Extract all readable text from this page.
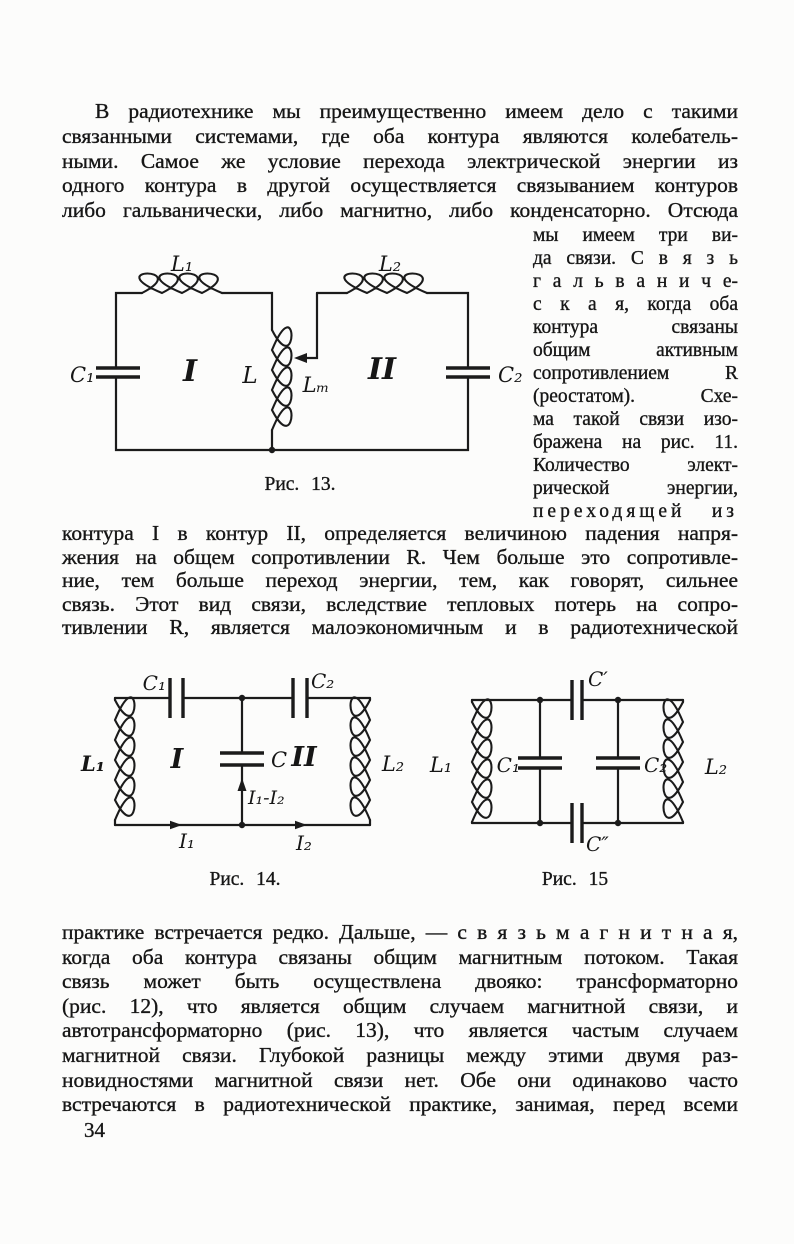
В радиотехнике мы преимущественно имеем дело с такими
связанными системами, где оба контура являются колебатель-
ными. Самое же условие перехода электрической энергии из
одного контура в другой осуществляется связыванием контуров
либо гальванически, либо магнитно, либо конденсаторно. Отсюда
L₁	L₂
C₁	C₂
I	II
L Lₘ
Рис. 13.
мы имеем три ви-
да связи. С в я з ь
г а л ь в а н и ч е-
с к а я, когда оба
контура связаны
общим активным
сопротивлением R
(реостатом). Схе-
ма такой связи изо-
бражена на рис. 11.
Количество элект-
рической энергии,
переходящей из
контура I в контур II, определяется величиною падения напря-
жения на общем сопротивлении R. Чем больше это сопротивле-
ние, тем больше переход энергии, тем, как говорят, сильнее
связь. Этот вид связи, вследствие тепловых потерь на сопро-
тивлении R, является малоэкономичным и в радиотехнической
L₁	L₂
C₁	C₂
C
I	II
I₁	I₂
I₁-I₂
Рис. 14.
L₁	L₂
C₁	C₂
C′
C″
Рис. 15
практике встречается редко. Дальше, — с в я з ь м а г н и т н а я,
когда оба контура связаны общим магнитным потоком. Такая
связь может быть осуществлена двояко: трансформаторно
(рис. 12), что является общим случаем магнитной связи, и
автотрансформаторно (рис. 13), что является частым случаем
магнитной связи. Глубокой разницы между этими двумя раз-
новидностями магнитной связи нет. Обе они одинаково часто
встречаются в радиотехнической практике, занимая, перед всеми
34
